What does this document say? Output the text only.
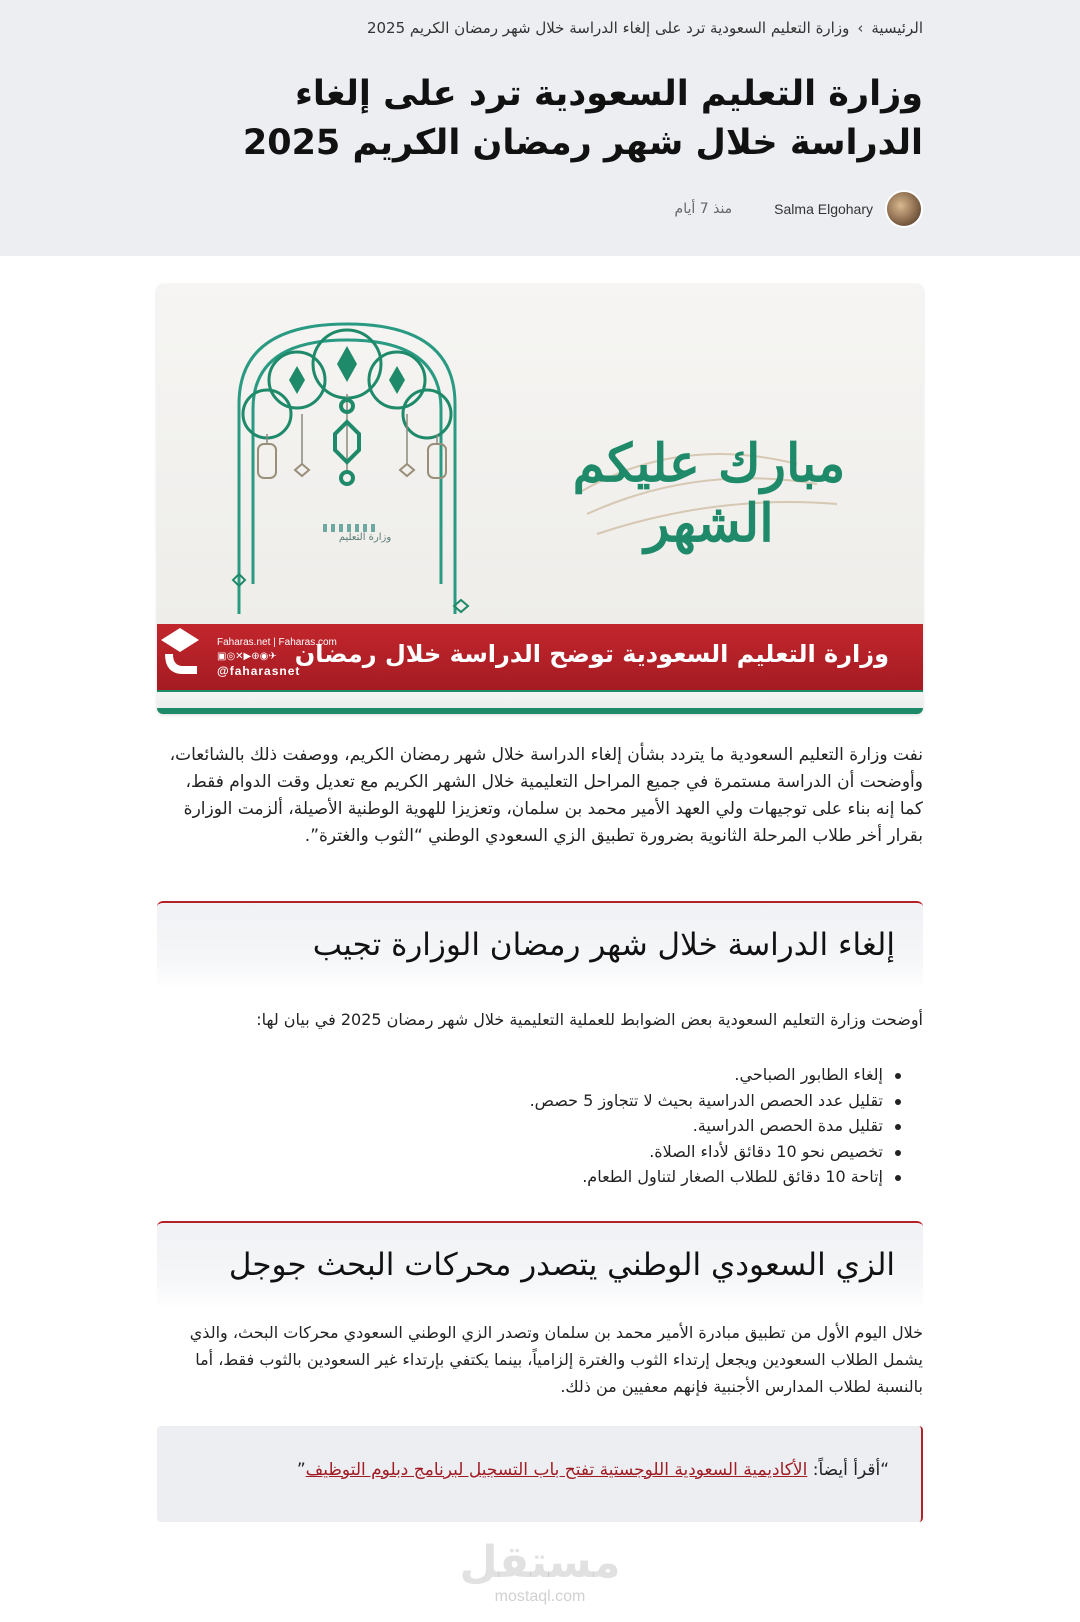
الرئيسية
›
وزارة التعليم السعودية ترد على إلغاء الدراسة خلال شهر رمضان الكريم 2025
وزارة التعليم السعودية ترد على إلغاء الدراسة خلال شهر رمضان الكريم 2025
Salma Elgohary
منذ 7 أيام
مبارك عليكم الشهر
وزارة التعليم
Faharas.net | Faharas.com
▣◎✕▶⊕◉✈
@faharasnet
وزارة التعليم السعودية توضح الدراسة خلال رمضان

نفت وزارة التعليم السعودية ما يتردد بشأن إلغاء الدراسة خلال شهر رمضان الكريم، ووصفت ذلك بالشائعات، وأوضحت أن الدراسة مستمرة في جميع المراحل التعليمية خلال الشهر الكريم مع تعديل وقت الدوام فقط، كما إنه بناء على توجيهات ولي العهد الأمير محمد بن سلمان، وتعزيزا للهوية الوطنية الأصيلة، ألزمت الوزارة بقرار أخر طلاب المرحلة الثانوية بضرورة تطبيق الزي السعودي الوطني “الثوب والغترة”.

إلغاء الدراسة خلال شهر رمضان الوزارة تجيب

أوضحت وزارة التعليم السعودية بعض الضوابط للعملية التعليمية خلال شهر رمضان 2025 في بيان لها:

إلغاء الطابور الصباحي.
تقليل عدد الحصص الدراسية بحيث لا تتجاوز 5 حصص.
تقليل مدة الحصص الدراسية.
تخصيص نحو 10 دقائق لأداء الصلاة.
إتاحة 10 دقائق للطلاب الصغار لتناول الطعام.
الزي السعودي الوطني يتصدر محركات البحث جوجل

خلال اليوم الأول من تطبيق مبادرة الأمير محمد بن سلمان وتصدر الزي الوطني السعودي محركات البحث، والذي يشمل الطلاب السعودين ويجعل إرتداء الثوب والغترة إلزامياً، بينما يكتفي بإرتداء غير السعودين بالثوب فقط، أما بالنسبة لطلاب المدارس الأجنبية فإنهم معفيين من ذلك.

“أقرأ أيضاً: الأكاديمية السعودية اللوجستية تفتح باب التسجيل لبرنامج دبلوم التوظيف”
مستقل
mostaql.com
